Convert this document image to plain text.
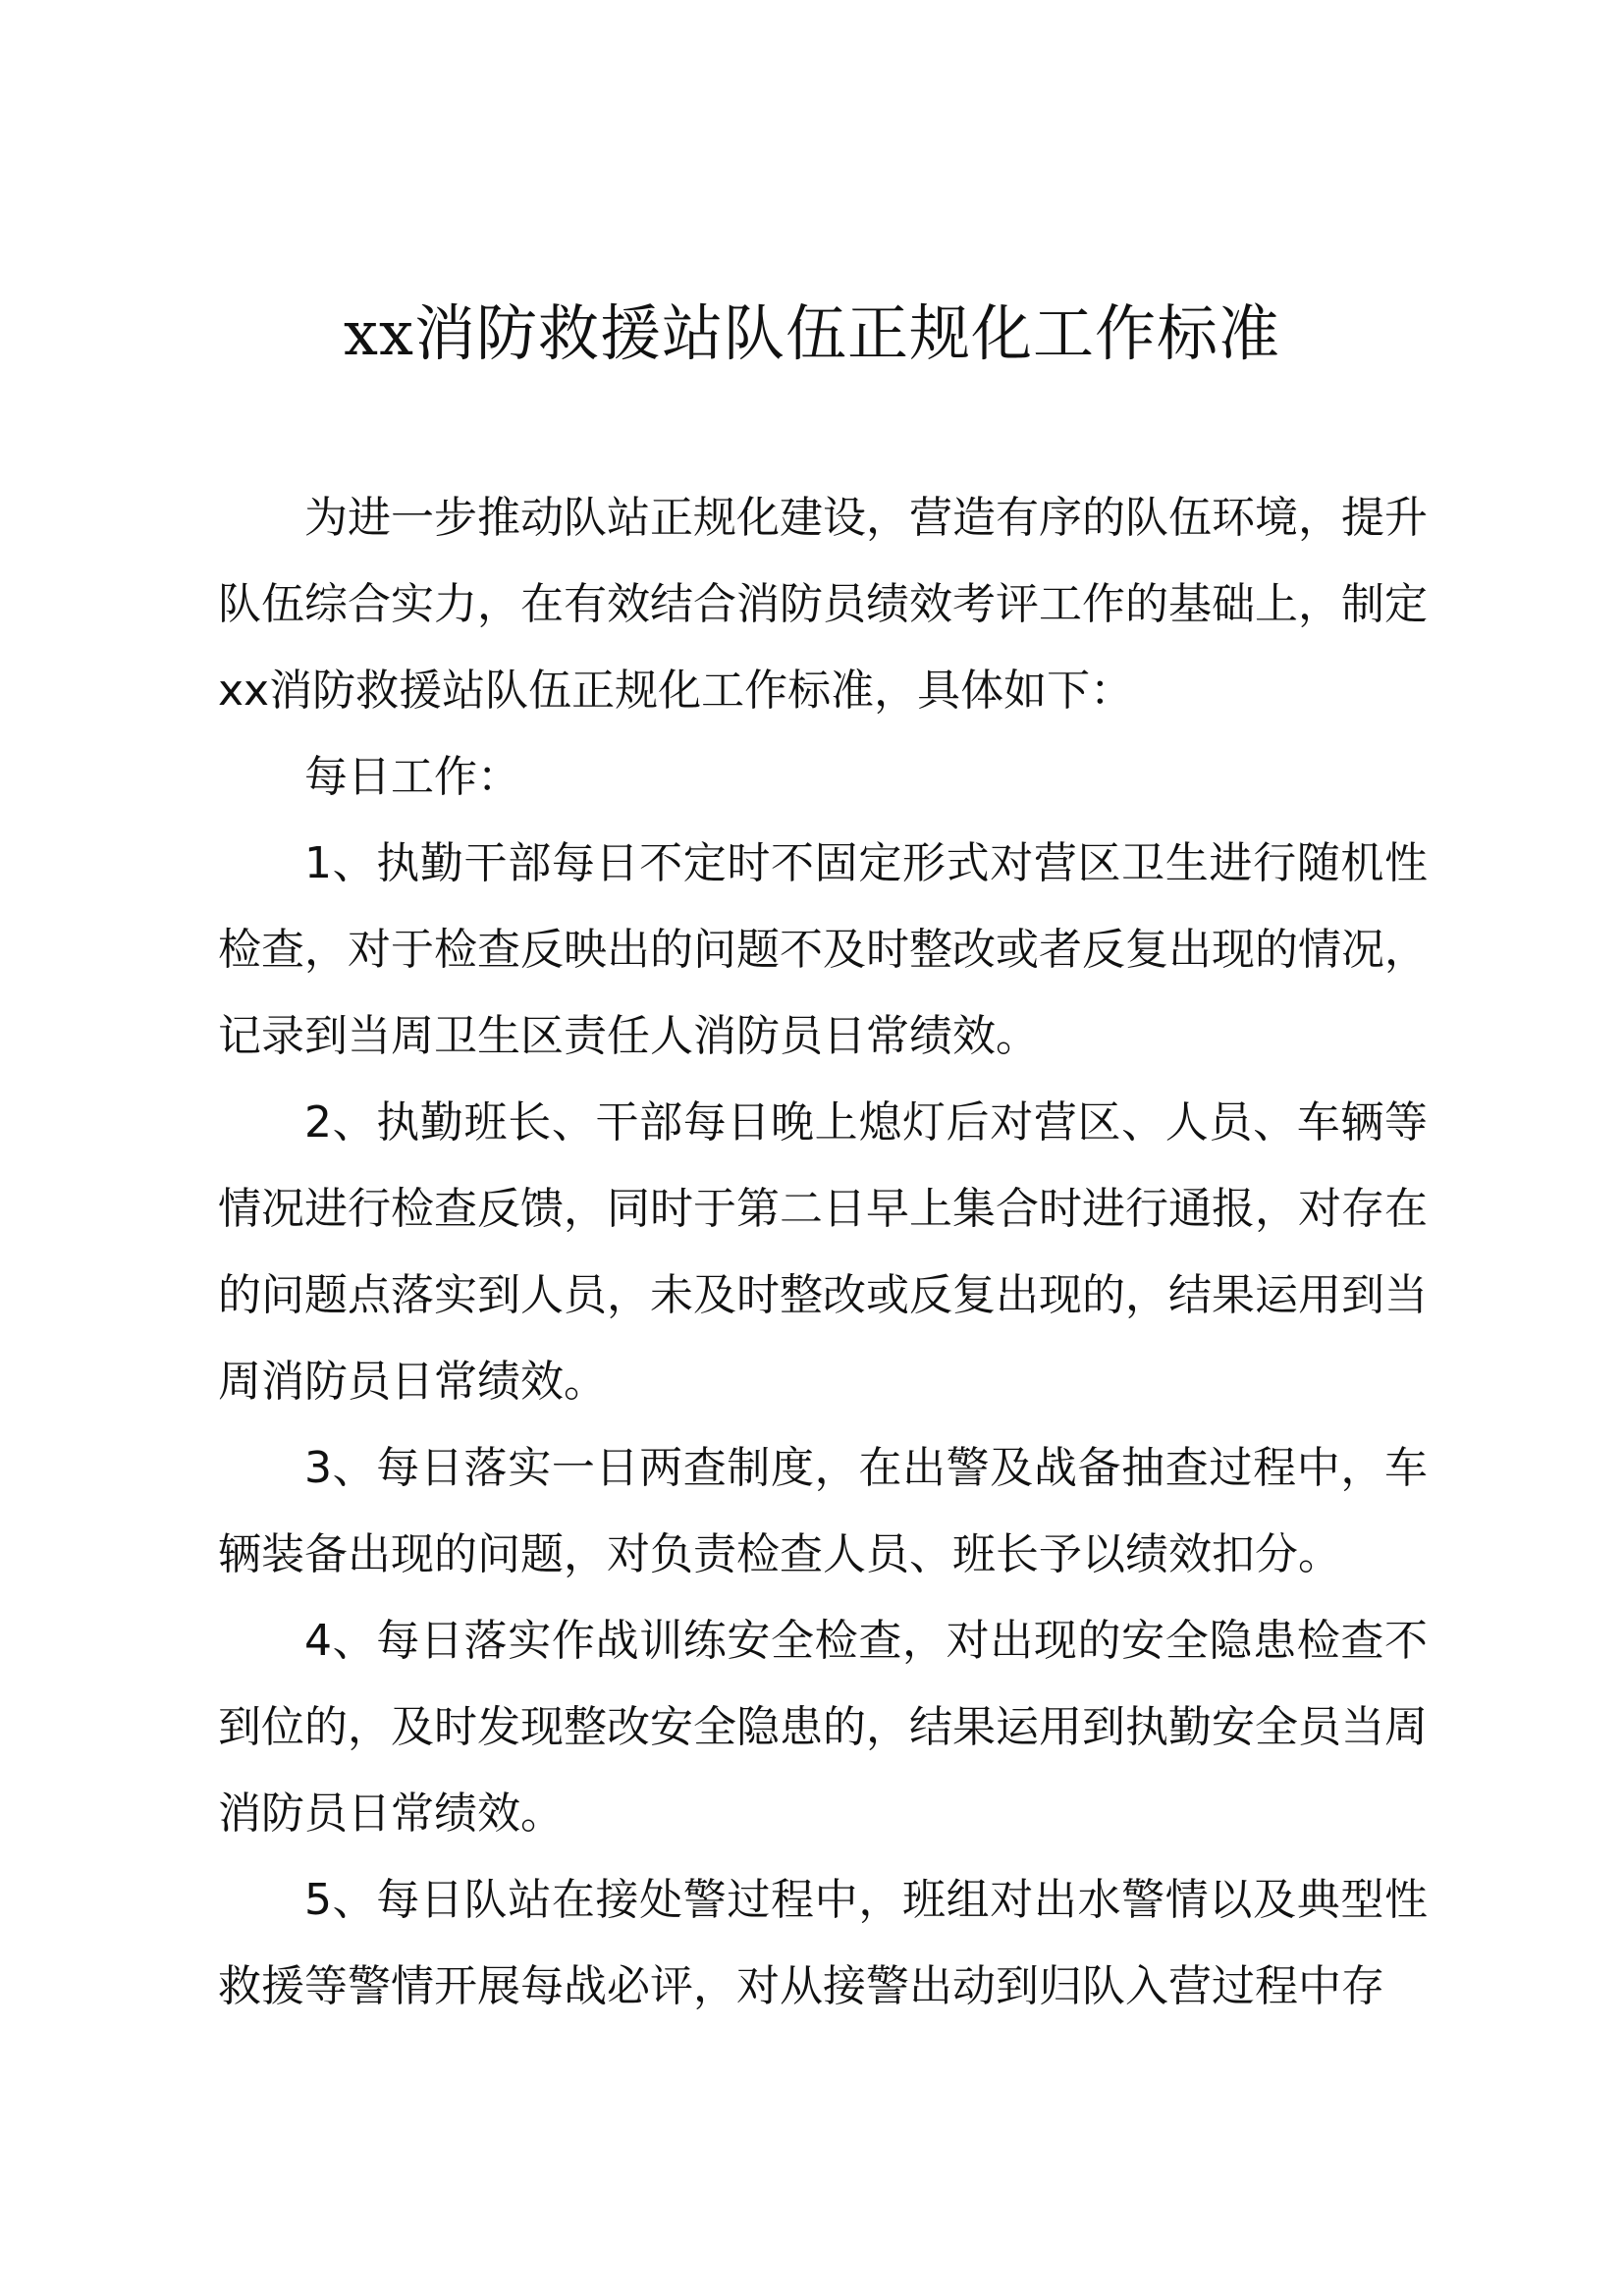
xx消防救援站队伍正规化工作标准

为进一步推动队站正规化建设，营造有序的队伍环境，提升队伍综合实力，在有效结合消防员绩效考评工作的基础上，制定xx消防救援站队伍正规化工作标准，具体如下：

每日工作：

1、执勤干部每日不定时不固定形式对营区卫生进行随机性检查，对于检查反映出的问题不及时整改或者反复出现的情况，记录到当周卫生区责任人消防员日常绩效。

2、执勤班长、干部每日晚上熄灯后对营区、人员、车辆等情况进行检查反馈，同时于第二日早上集合时进行通报，对存在的问题点落实到人员，未及时整改或反复出现的，结果运用到当周消防员日常绩效。

3、每日落实一日两查制度，在出警及战备抽查过程中，车辆装备出现的问题，对负责检查人员、班长予以绩效扣分。

4、每日落实作战训练安全检查，对出现的安全隐患检查不到位的，及时发现整改安全隐患的，结果运用到执勤安全员当周消防员日常绩效。

5、每日队站在接处警过程中，班组对出水警情以及典型性救援等警情开展每战必评，对从接警出动到归队入营过程中存
